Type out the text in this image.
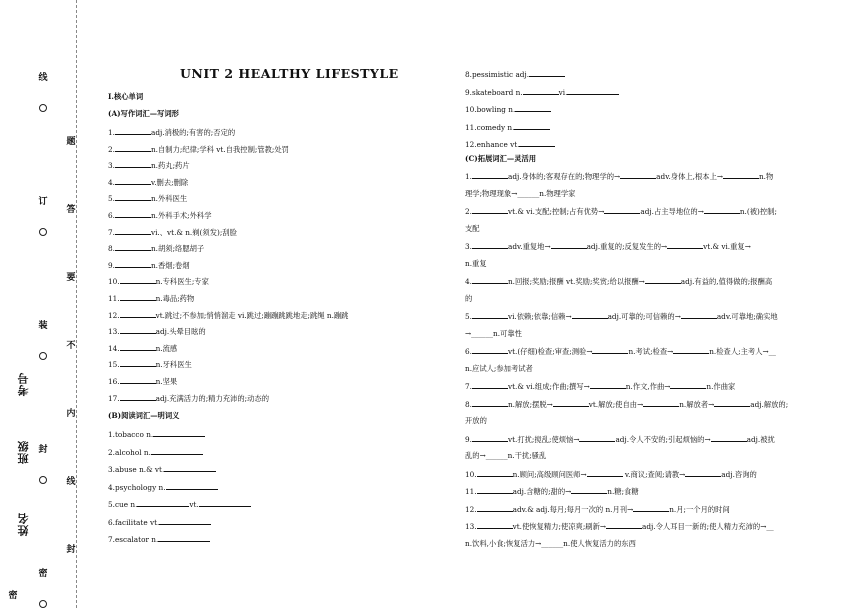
线
订
装
封
密
密
题
答
要
不
内
线
封
考号
班级
姓名
UNIT 2 HEALTHY LIFESTYLE
Ⅰ.核心单词
(A)写作词汇—写词形
1.	adj.消极的;有害的;否定的
2.	n.自制力;纪律;学科 vt.自我控制;管教;处罚
3.	n.药丸;药片
4.	v.删去;删除
5.	n.外科医生
6.	n.外科手术;外科学
7.	vi.、vt.& n.剃(须发);刮脸
8.	n.胡须;络腮胡子
9.	n.香烟;卷烟
10.	n.专科医生;专家
11.	n.毒品;药物
12.	vt.跳过;不参加;悄悄溜走 vi.跳过;蹦蹦跳跳地走;跳绳 n.蹦跳
13.	adj.头晕目眩的
14.	n.流感
15.	n.牙科医生
16.	n.坚果
17.	adj.充满活力的;精力充沛的;动态的
(B)阅读词汇—明词义
1.tobacco n.
2.alcohol n.
3.abuse n.& vt.
4.psychology n.
5.cue n.	vt.
6.facilitate vt.
7.escalator n.
8.pessimistic adj.
9.skateboard n.	vi.
10.bowling n.
11.comedy n.
12.enhance vt.
(C)拓展词汇—灵活用
1.	adj.身体的;客观存在的;物理学的→	adv.身体上,根本上→	n.物
理学;物理现象→______n.物理学家
2.	vt.& vi.支配;控制;占有优势→	adj.占主导地位的→	n.(被)控制;
支配
3.	adv.重复地→	adj.重复的;反复发生的→	vt.& vi.重复→
n.重复
4.	n.回报;奖励;报酬 vt.奖励;奖赏;给以报酬→	adj.有益的,值得做的;报酬高
的
5.	vi.依赖;依靠;信赖→	adj.可靠的;可信赖的→	adv.可靠地;确实地
→______n.可靠性
6.	vt.(仔细)检查;审查;测验→	n.考试;检查→	n.检查人;主考人→__
n.应试人;参加考试者
7.	vt.& vi.组成;作曲;撰写→	n.作文,作曲→	n.作曲家
8.	n.解放;摆脱→	vt.解放;使自由→	n.解放者→	adj.解放的;
开放的
9.	vt.打扰;搅乱;使烦恼→	adj.令人不安的;引起烦恼的→	adj.被扰
乱的→______n.干扰;骚乱
10.	n.顾问;高级顾问医师→	v.商议;查阅;请教→	adj.咨询的
11.	adj.含糖的;甜的→	n.糖;食糖
12.	adv.& adj.每月;每月一次的 n.月刊→	n.月;一个月的时间
13.	vt.使恢复精力;使凉爽;刷新→	adj.令人耳目一新的;使人精力充沛的→__
n.饮料,小食;恢复活力→______n.使人恢复活力的东西
